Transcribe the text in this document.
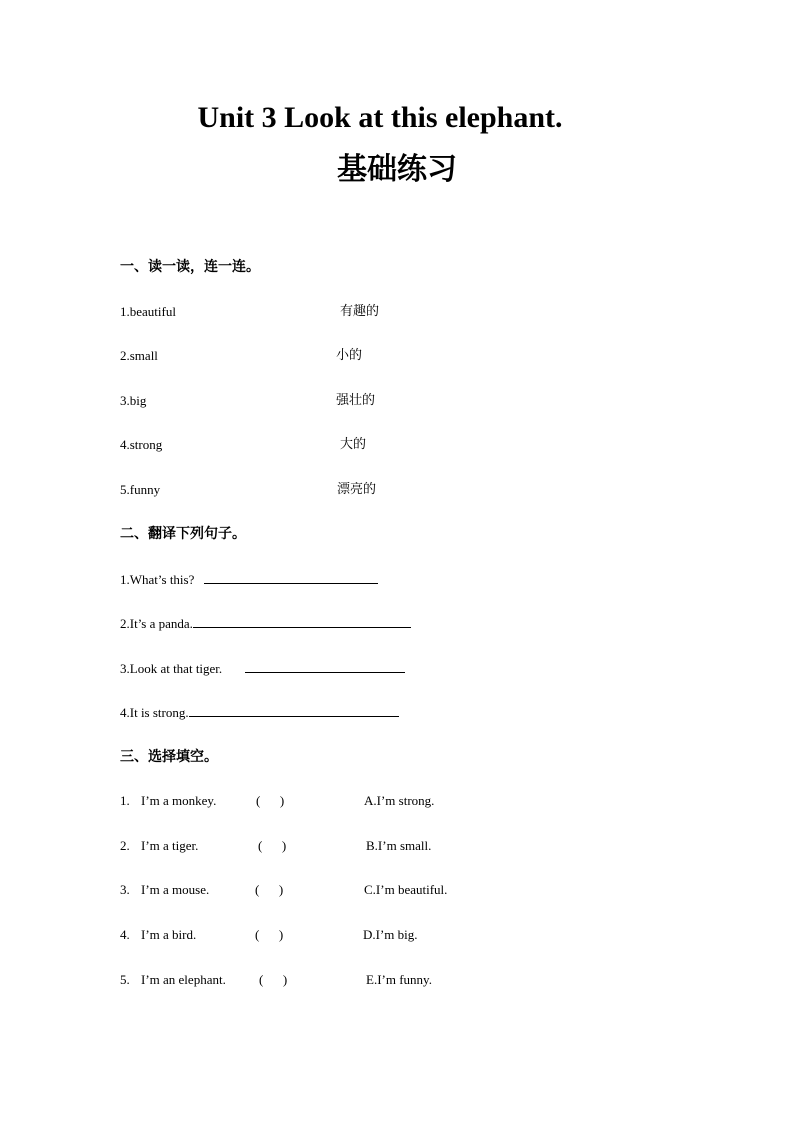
Unit 3 Look at this elephant.
基础练习
一、读一读，连一连。
1.beautiful	有趣的
2.small	小的
3.big	强壮的
4.strong	大的
5.funny	漂亮的
二、翻译下列句子。
1.What’s this?
2.It’s a panda.
3.Look at that tiger.
4.It is strong.
三、选择填空。
1. I’m a monkey.	(      )	A.I’m strong.
2. I’m a tiger.	(      )	B.I’m small.
3. I’m a mouse.	(      )	C.I’m beautiful.
4. I’m a bird.	(      )	D.I’m big.
5. I’m an elephant.	(      )	E.I’m funny.
